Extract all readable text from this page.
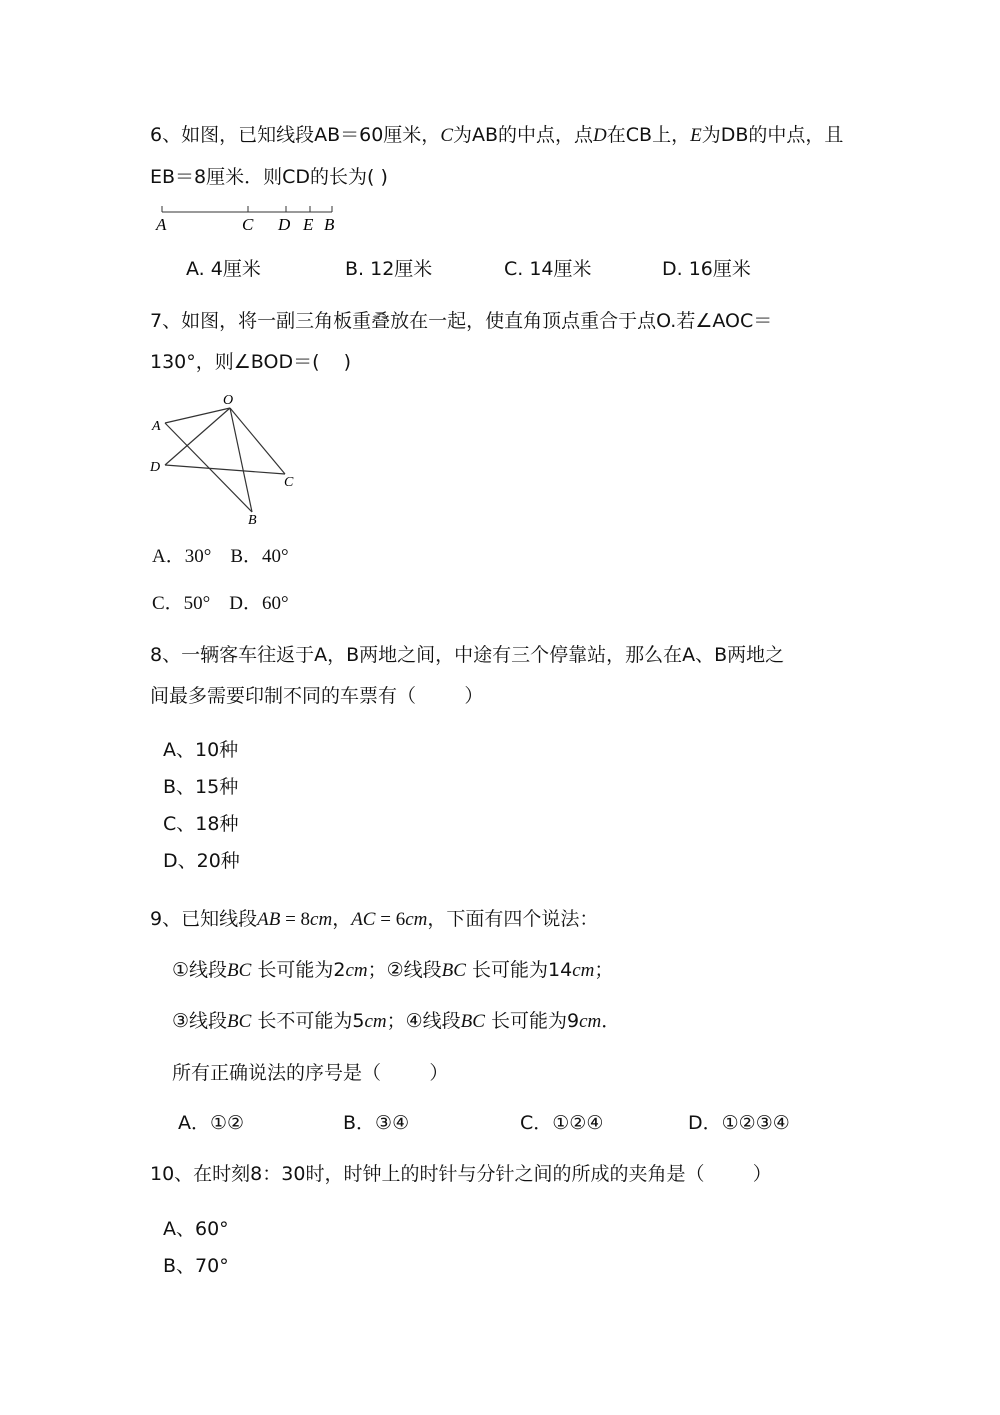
6、如图，已知线段AB＝60厘米，C为AB的中点，点D在CB上，E为DB的中点，且
EB＝8厘米．则CD的长为( )
A	C D E B
A. 4厘米	B. 12厘米	C. 14厘米	D. 16厘米
7、如图，将一副三角板重叠放在一起，使直角顶点重合于点O.若∠AOC＝
130°，则∠BOD＝(    )
O
A
D
C
B
A．30°    B．40°
C．50°    D．60°
8、一辆客车往返于A，B两地之间，中途有三个停靠站，那么在A、B两地之
间最多需要印制不同的车票有（        ）
A、10种
B、15种
C、18种
D、20种
9、已知线段AB = 8cm，AC = 6cm，下面有四个说法：
①线段BC 长可能为2cm；②线段BC 长可能为14cm；
③线段BC 长不可能为5cm；④线段BC 长可能为9cm．
所有正确说法的序号是（        ）
A．①②	B．③④	C．①②④	D．①②③④
10、在时刻8：30时，时钟上的时针与分针之间的所成的夹角是（        ）
A、60°
B、70°
